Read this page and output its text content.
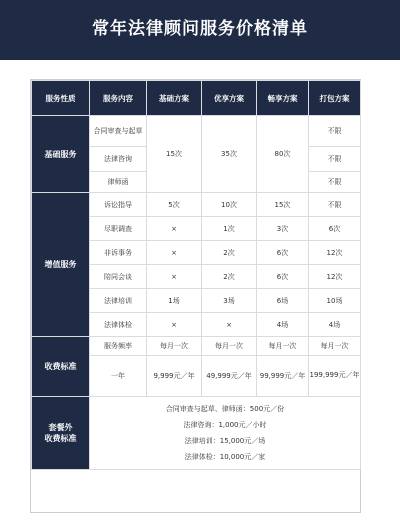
常年法律顾问服务价格清单
服务性质	服务内容	基础方案	优享方案	畅享方案	打包方案
基础服务	合同审查与起草	15次	35次	80次	不限
	法律咨询				不限
	律师函				不限
增值服务	诉讼指导	5次	10次	15次	不限
	尽职调查	×	1次	3次	6次
	非诉事务	×	2次	6次	12次
	陪同会谈	×	2次	6次	12次
	法律培训	1场	3场	6场	10场
	法律体检	×	×	4场	4场
收费标准	服务频率	每月一次	每月一次	每月一次	每月一次
	一年	9,999元／年	49,999元／年	99,999元／年	199,999元／年

套餐外
收费标准	合同审查与起草、律师函：500元／份
法律咨询：1,000元／小时
法律培训：15,000元／场
法律体检：10,000元／家				
